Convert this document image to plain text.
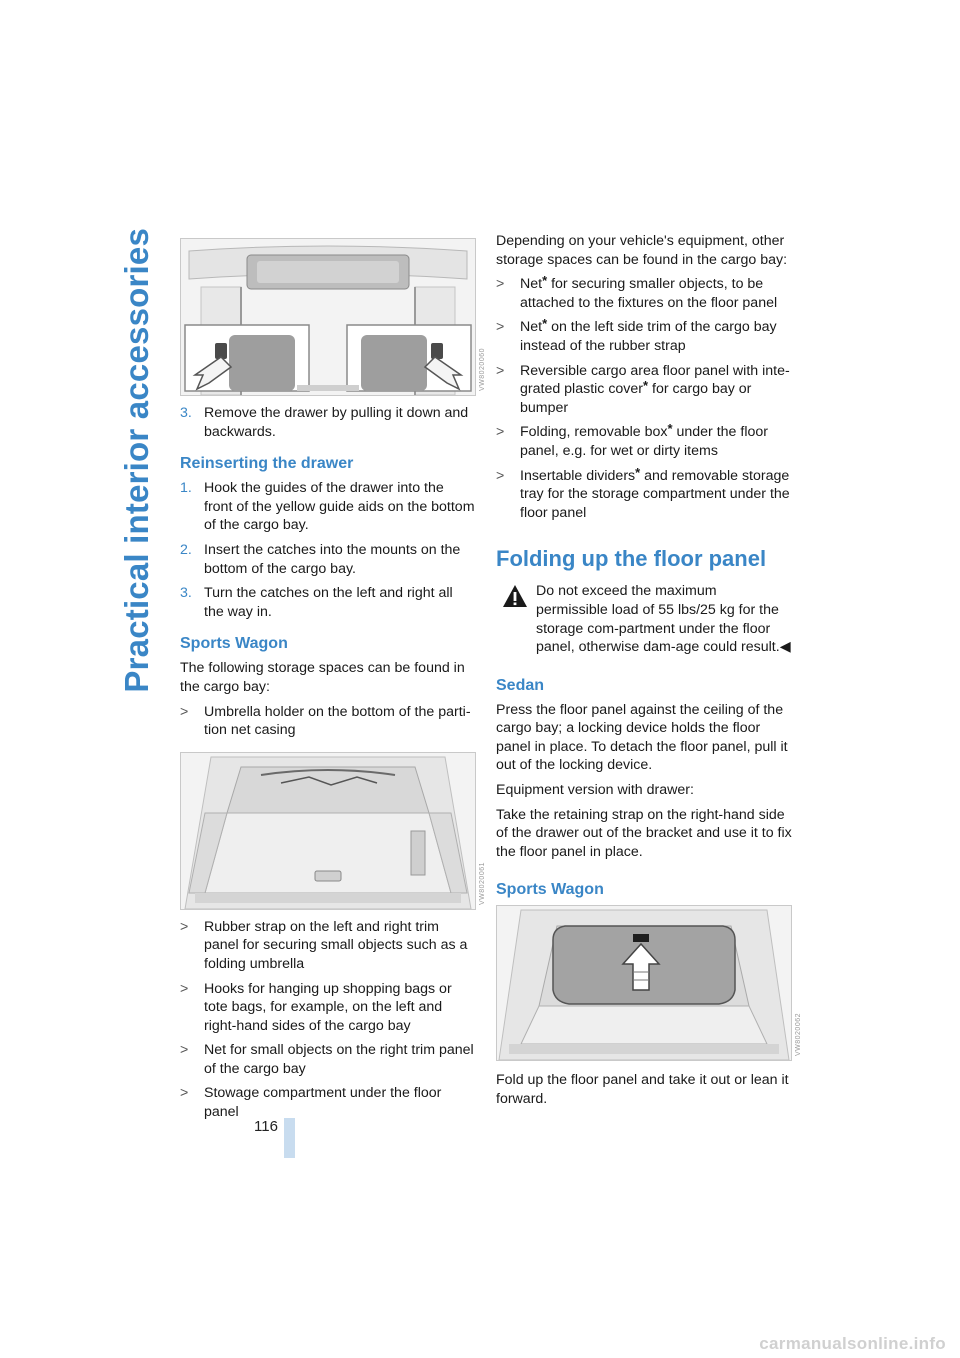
Practical interior accessories
116
VW8020060
3. Remove the drawer by pulling it down and backwards.
Reinserting the drawer
1. Hook the guides of the drawer into the front of the yellow guide aids on the bottom of the cargo bay.
2. Insert the catches into the mounts on the bottom of the cargo bay.
3. Turn the catches on the left and right all the way in.
Sports Wagon

The following storage spaces can be found in the cargo bay:

> Umbrella holder on the bottom of the parti-tion net casing
VW8020061
> Rubber strap on the left and right trim panel for securing small objects such as a folding umbrella
> Hooks for hanging up shopping bags or tote bags, for example, on the left and right-hand sides of the cargo bay
> Net for small objects on the right trim panel of the cargo bay
> Stowage compartment under the floor panel

Depending on your vehicle's equipment, other storage spaces can be found in the cargo bay:

> Net* for securing smaller objects, to be attached to the fixtures on the floor panel
> Net* on the left side trim of the cargo bay instead of the rubber strap
> Reversible cargo area floor panel with inte-grated plastic cover* for cargo bay or bumper
> Folding, removable box* under the floor panel, e.g. for wet or dirty items
> Insertable dividers* and removable storage tray for the storage compartment under the floor panel
Folding up the floor panel
Do not exceed the maximum permissible load of 55 lbs/25 kg for the storage com-partment under the floor panel, otherwise dam-age could result.◀
Sedan

Press the floor panel against the ceiling of the cargo bay; a locking device holds the floor panel in place. To detach the floor panel, pull it out of the locking device.

Equipment version with drawer:

Take the retaining strap on the right-hand side of the drawer out of the bracket and use it to fix the floor panel in place.

Sports Wagon
VW8020062

Fold up the floor panel and take it out or lean it forward.

carmanualsonline.info
